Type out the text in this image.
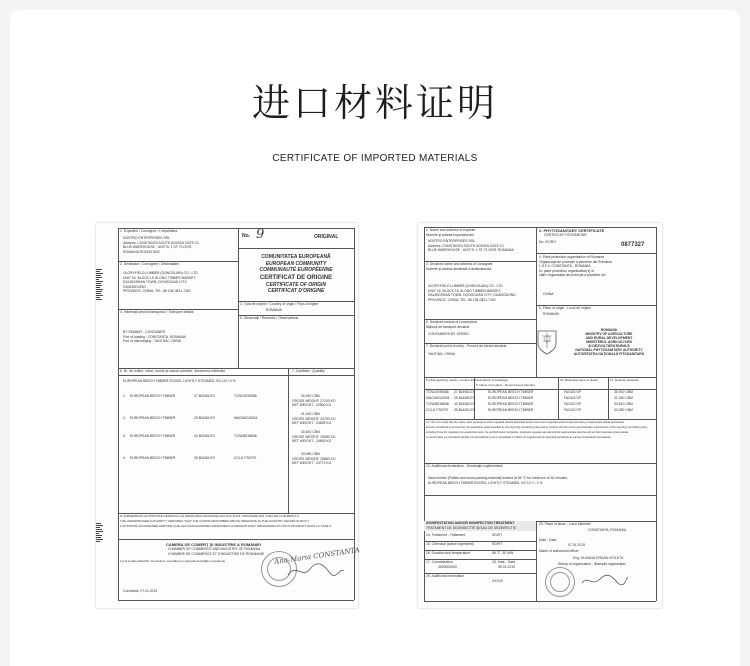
进口材料证明
CERTIFICATE OF IMPORTED MATERIALS
1. Expeditor / Consignor / L'expéditeur
NOSTRO ENTERPRISES SRL
Address: CONSTANTA SOUTH AGIGEA GATE 10,
BLUE WAREHOUSE , UNIT B, 1 ST. FLOOR,
ROMANIA RO31327602
No. 9	ORIGINAL
2. Destinatar / Consignee / Destinataire
GLORYFIELD LUMBER (DONGGUAN) CO., LTD
UNIT 16, BLOCK 15 JILONG TIMBER MARKET,
DALINGSHAN TOWN, DONGGUAN CITY,
GUANGDONG
PROVINCE, CHINA; TEL: 86 136-0821-7152
COMUNITATEA EUROPEANĂ
EUROPEAN COMMUNITY
COMMUNAUTÉ EUROPÉENNE
CERTIFICAT DE ORIGINE
CERTIFICATE OF ORIGIN
CERTIFICAT D'ORIGINE
3. Ţara de origine / Country of origin / Pays d'origine
ROMANIA
4. Informaţii privind transportul / Transport details
BY SEAWAY - CONTAINER
Port of loading : CONSTANTA, ROMANIA
Port of discharging : YANTIAN, CHINA
5. Observaţii / Remarks / Observations
6. Nr. de ordine, mărci, număr şi natura coletelor, descrierea mărfurilor	7. Cantitate / Quantity
EUROPEAN BEECH TIMBER EDGED, LIGHTLY STEAMED, KD 10+/-2 %
1. EUROPEAN BEECH TIMBER	27 BUNDLES	TCNU1095386	30,910 CBM
GROSS WEIGHT: 27100 KG
NET WEIGHT : 22500 KG
2. EUROPEAN BEECH TIMBER	25 BUNDLES	MAGU5240034
31,040 CBM
GROSS WEIGHT: 24750 KG
NET WEIGHT : 24605 KG
3. EUROPEAN BEECH TIMBER	40 BUNDLES	TCNU8518848
30,810 CBM
GROSS WEIGHT: 25680 KG
NET WEIGHT : 24600 KG
4. EUROPEAN BEECH TIMBER	35 BUNDLES	CCLU7752757
33,080 CBM
GROSS WEIGHT: 25680 KG
NET WEIGHT : 24772 KG
8. SUBSEMNATA AUTORITATE CERTIFICĂ CĂ MĂRFURILE DESCRISE MAI SUS SUNT ORIGINARE DIN ŢARA DE LA RUBRICA 3
THE UNDERSIGNED AUTHORITY CERTIFIES THAT THE GOODS DESCRIBED ABOVE ORIGINATE IN THE COUNTRY SHOWN IN BOX 3
L'AUTORITÉ SOUSSIGNÉE CERTIFIE QUE LES MARCHANDISES DÉSIGNÉES CI-DESSUS SONT ORIGINAIRES DU PAYS FIGURANT DANS LA CASE 3
CAMERA DE COMERŢ ŞI INDUSTRIE A ROMÂNIEI
CHAMBER OF COMMERCE AND INDUSTRY OF ROMANIA
CHAMBRE DE COMMERCE ET D'INDUSTRIE DE ROUMANIE
Locul şi data eliberării, denumirea, semnătura şi ştampila autorităţii competente
Constanta, 07.01.2019
Ana-Maria CONSTANTA
1. Name and address of exporter
Numele şi adresa exportatorului
NOSTRO ENTERPRISES SRL
Address: CONSTANTA SOUTH AGIGEA GATE 10,
BLUE WAREHOUSE , UNIT B, 1 ST. FLOOR, ROMANIA
2. PHYTOSANITARY CERTIFICATE
CERTIFICAT FITOSANITAR
No. EC/RO	0877327
3. Declared name and address of consignee
Numele şi adresa declarată a destinatarului
GLORYFIELD LUMBER (DONGGUAN) CO., LTD
UNIT 16, BLOCK 15 JILONG TIMBER MARKET,
DALINGSHAN TOWN, DONGGUAN CITY, GUANGDONG
PROVINCE, CHINA; TEL: 86 136-0821-7152
4. Plant protection organisation of Romania
Organizaţia de protecţie a plantelor din România
L.S.F.V. CONSTANTA - ROMANIA
to: plant protection organisation(s) of
către Organizaţia de protecţie a plantelor din
CHINA
5. Place of origin - Locul de origine
ROMANIA
6. Declared means of conveyance
Mijlocul de transport declarat
CONTAINERS BY VESSEL
7. Declared point of entry - Punctul de intrare declarat
YANTIAN, CHINA
ROMANIA
MINISTRY OF AGRICULTURE
AND RURAL DEVELOPMENT
MINISTERUL AGRICULTURII
ŞI DEZVOLTĂRII RURALE
NATIONAL PHYTOSANITARY AUTHORITY
AUTORITATEA NAŢIONALĂ FITOSANITARĂ
8. Distinguishing marks - number and description of packages
9. Name of produce - Denumirea produsului
10. Botanical name of plants	11. Quantity declared
TCNU1095386 27 BUNDLES	EUROPEAN BEECH TIMBER	FAGUS SP.	30,910 CBM
MAGU5240034 25 BUNDLES	EUROPEAN BEECH TIMBER	FAGUS SP.	31,040 CBM
TCNU8518848 40 BUNDLES	EUROPEAN BEECH TIMBER	FAGUS SP.	30,810 CBM
CCLU7752757 35 BUNDLES	EUROPEAN BEECH TIMBER	FAGUS SP.	33,080 CBM
12. This is to certify that the plants, plant products or other regulated articles described herein have been inspected and/or tested according to appropriate official procedures
and are considered to be free from the quarantine pests specified by the importing contracting party and to conform with the current phytosanitary requirements of the importing contracting party,
including those for regulated non-quarantine pests. Se certifică faptul că plantele, produsele vegetale sau alte articole reglementate descrise aici au fost inspectate şi/sau testate
în conformitate cu procedurile oficiale corespunzătoare şi sunt considerate a fi libere de organismele de carantină specificate de partea contractantă importatoare.
13. Additional declaration - Declaraţie suplimentară
Sawn timber (Pallets and wood packing material) treated at 56 °C for minimum of 30 minutes.
EUROPEAN BEECH TIMBER EDGED, LIGHTLY STEAMED, KD 10 +/- 2 %
DISINFESTATION AND/OR DISINFECTION TREATMENT
TRATAMENT DE DEZINSECTIE ŞI/SAU DE DEZINFECTIE
14. Treatment - Tratament	KD/HT
15. Chemical (active ingredient)	KD/HT
16. Duration and temperature	56 °C, 30 MIN
17. Concentration
4000000000
18. Date - Data
05.01.2019
19. Additional information
XXXXX
20. Place of issue - Locul eliberării
CONSTANTA, ROMANIA
Date - Data
07.01.2019
Name of authorized officer
Eng. HUSANU ERDAN-VIOLETA
Stamp of organization - Ştampila organizaţiei
